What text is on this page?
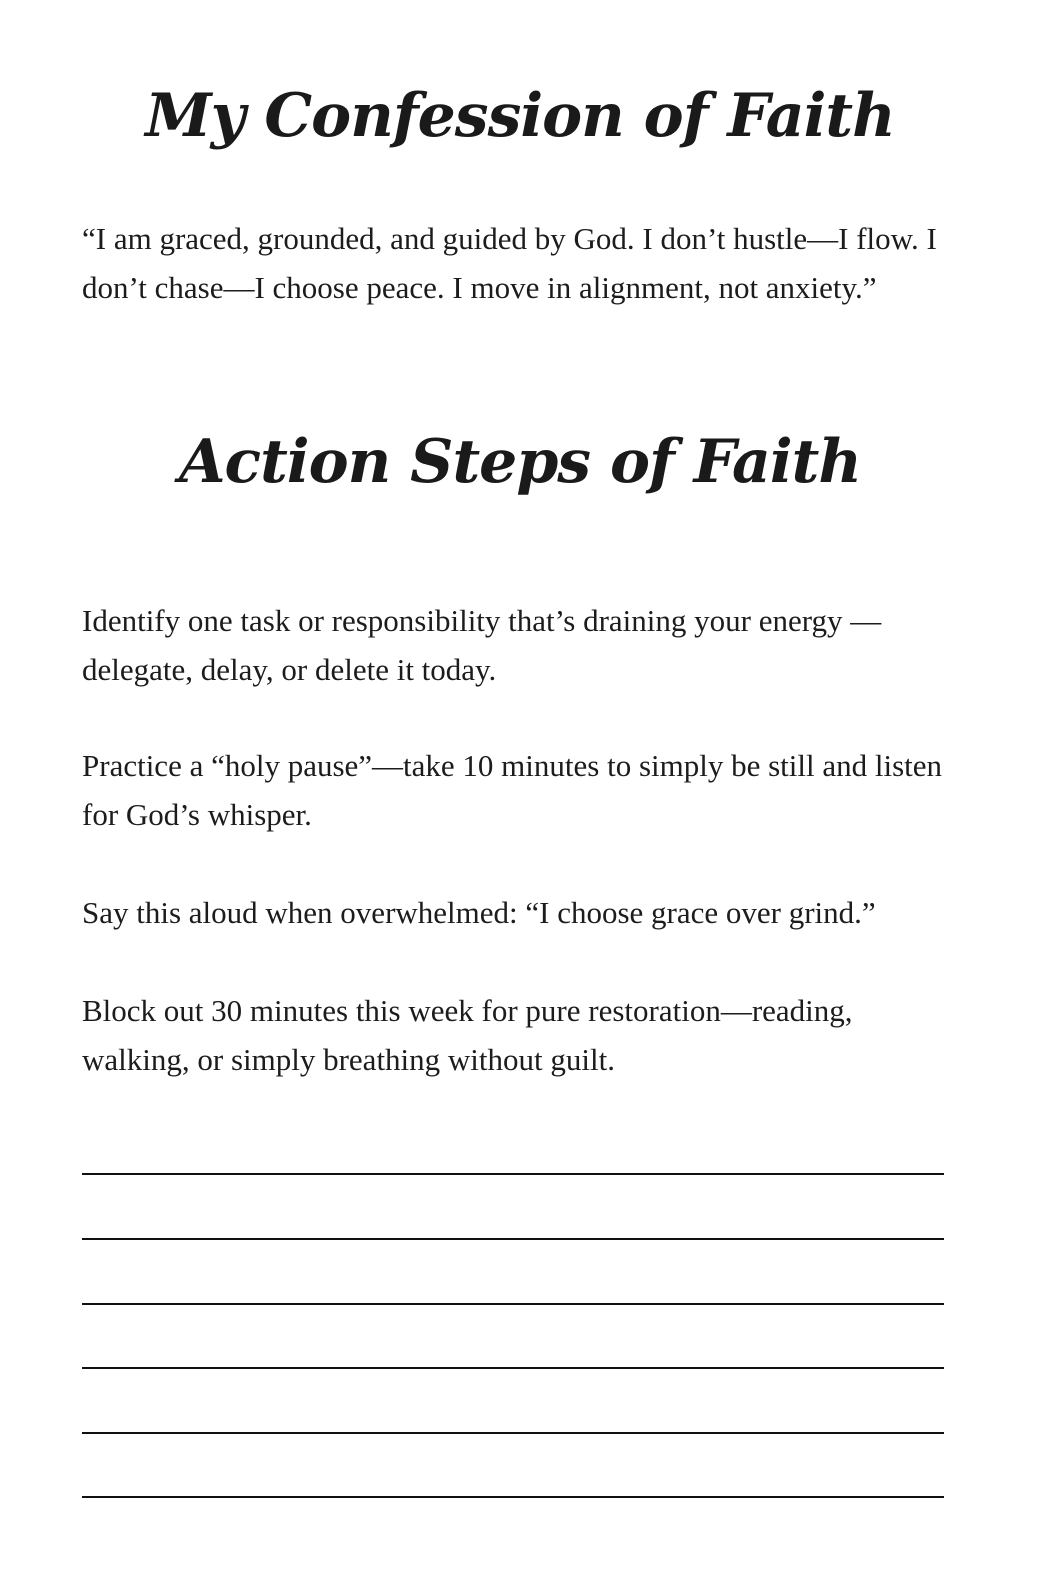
My Confession of Faith

“I am graced, grounded, and guided by God. I don’t hustle—I flow. I don’t chase—I choose peace. I move in alignment, not anxiety.”

Action Steps of Faith

Identify one task or responsibility that’s draining your energy —delegate, delay, or delete it today.

Practice a “holy pause”—take 10 minutes to simply be still and listen for God’s whisper.

Say this aloud when overwhelmed: “I choose grace over grind.”

Block out 30 minutes this week for pure restoration—reading, walking, or simply breathing without guilt.
